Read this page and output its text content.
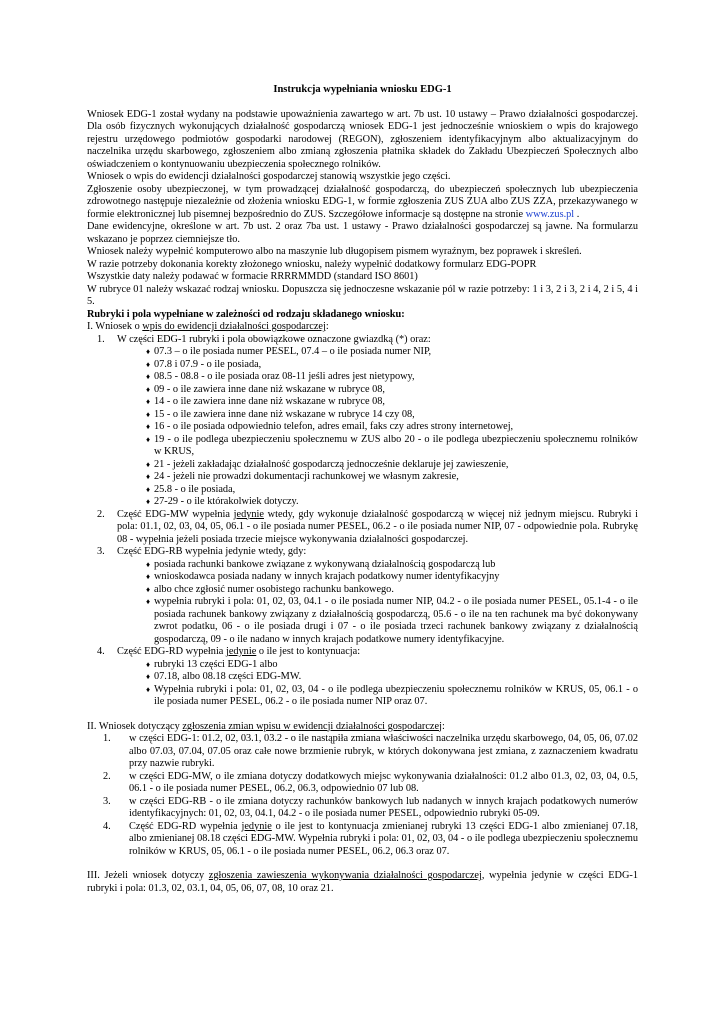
Instrukcja wypełniania wniosku EDG-1

Wniosek EDG-1 został wydany na podstawie upoważnienia zawartego w art. 7b ust. 10 ustawy – Prawo działalności gospodarczej. Dla osób fizycznych wykonujących działalność gospodarczą wniosek EDG-1 jest jednocześnie wnioskiem o wpis do krajowego rejestru urzędowego podmiotów gospodarki narodowej (REGON), zgłoszeniem identyfikacyjnym albo aktualizacyjnym do naczelnika urzędu skarbowego, zgłoszeniem albo zmianą zgłoszenia płatnika składek do Zakładu Ubezpieczeń Społecznych albo oświadczeniem o kontynuowaniu ubezpieczenia społecznego rolników.

Wniosek o wpis do ewidencji działalności gospodarczej stanowią wszystkie jego części.

Zgłoszenie osoby ubezpieczonej, w tym prowadzącej działalność gospodarczą, do ubezpieczeń społecznych lub ubezpieczenia zdrowotnego następuje niezależnie od złożenia wniosku EDG-1, w formie zgłoszenia ZUS ZUA albo ZUS ZZA, przekazywanego w formie elektronicznej lub pisemnej bezpośrednio do ZUS. Szczegółowe informacje są dostępne na stronie www.zus.pl .

Dane ewidencyjne, określone w art. 7b ust. 2 oraz 7ba ust. 1 ustawy - Prawo działalności gospodarczej są jawne. Na formularzu wskazano je poprzez ciemniejsze tło.

Wniosek należy wypełnić komputerowo albo na maszynie lub długopisem pismem wyraźnym, bez poprawek i skreśleń.

W razie potrzeby dokonania korekty złożonego wniosku, należy wypełnić dodatkowy formularz EDG-POPR

Wszystkie daty należy podawać w formacie RRRRMMDD (standard ISO 8601)

W rubryce 01 należy wskazać rodzaj wniosku. Dopuszcza się jednoczesne wskazanie pól w razie potrzeby: 1 i 3, 2 i 3, 2 i 4, 2 i 5, 4 i 5.

Rubryki i pola wypełniane w zależności od rodzaju składanego wniosku:

I. Wniosek o wpis do ewidencji działalności gospodarczej:

1. W części EDG-1 rubryki i pola obowiązkowe oznaczone gwiazdką (*) oraz:
♦ 07.3 – o ile posiada numer PESEL, 07.4 – o ile posiada numer NIP,
♦ 07.8 i 07.9 - o ile posiada,
♦ 08.5 - 08.8 - o ile posiada oraz 08-11 jeśli adres jest nietypowy,
♦ 09 - o ile zawiera inne dane niż wskazane w rubryce 08,
♦ 14 - o ile zawiera inne dane niż wskazane w rubryce 08,
♦ 15 - o ile zawiera inne dane niż wskazane w rubryce 14 czy 08,
♦ 16 - o ile posiada odpowiednio telefon, adres email, faks czy adres strony internetowej,
♦ 19 - o ile podlega ubezpieczeniu społecznemu w ZUS albo 20 - o ile podlega ubezpieczeniu społecznemu rolników w KRUS,
♦ 21 - jeżeli zakładając działalność gospodarczą jednocześnie deklaruje jej zawieszenie,
♦ 24 - jeżeli nie prowadzi dokumentacji rachunkowej we własnym zakresie,
♦ 25.8 - o ile posiada,
♦ 27-29 - o ile którakolwiek dotyczy.
2. Część EDG-MW wypełnia jedynie wtedy, gdy wykonuje działalność gospodarczą w więcej niż jednym miejscu. Rubryki i pola: 01.1, 02, 03, 04, 05, 06.1 - o ile posiada numer PESEL, 06.2 - o ile posiada numer NIP, 07 - odpowiednie pola. Rubrykę 08 - wypełnia jeżeli posiada trzecie miejsce wykonywania działalności gospodarczej.
3. Część EDG-RB wypełnia jedynie wtedy, gdy:
♦ posiada rachunki bankowe związane z wykonywaną działalnością gospodarczą lub
♦ wnioskodawca posiada nadany w innych krajach podatkowy numer identyfikacyjny
♦ albo chce zgłosić numer osobistego rachunku bankowego.
♦ wypełnia rubryki i pola: 01, 02, 03, 04.1 - o ile posiada numer NIP, 04.2 - o ile posiada numer PESEL, 05.1-4 - o ile posiada rachunek bankowy związany z działalnością gospodarczą, 05.6 - o ile na ten rachunek ma być dokonywany zwrot podatku, 06 - o ile posiada drugi i 07 - o ile posiada trzeci rachunek bankowy związany z działalnością gospodarczą, 09 - o ile nadano w innych krajach podatkowe numery identyfikacyjne.
4. Część EDG-RD wypełnia jedynie o ile jest to kontynuacja:
♦ rubryki 13 części EDG-1 albo
♦ 07.18, albo 08.18 części EDG-MW.
♦ Wypełnia rubryki i pola: 01, 02, 03, 04 - o ile podlega ubezpieczeniu społecznemu rolników w KRUS, 05, 06.1 - o ile posiada numer PESEL, 06.2 - o ile posiada numer NIP oraz 07.

II. Wniosek dotyczący zgłoszenia zmian wpisu w ewidencji działalności gospodarczej:

1. w części EDG-1: 01.2, 02, 03.1, 03.2 - o ile nastąpiła zmiana właściwości naczelnika urzędu skarbowego, 04, 05, 06, 07.02 albo 07.03, 07.04, 07.05 oraz całe nowe brzmienie rubryk, w których dokonywana jest zmiana, z zaznaczeniem kwadratu przy nazwie rubryki.
2. w części EDG-MW, o ile zmiana dotyczy dodatkowych miejsc wykonywania działalności: 01.2 albo 01.3, 02, 03, 04, 0.5, 06.1 - o ile posiada numer PESEL, 06.2, 06.3, odpowiednio 07 lub 08.
3. w części EDG-RB - o ile zmiana dotyczy rachunków bankowych lub nadanych w innych krajach podatkowych numerów identyfikacyjnych: 01, 02, 03, 04.1, 04.2 - o ile posiada numer PESEL, odpowiednio rubryki 05-09.
4. Część EDG-RD wypełnia jedynie o ile jest to kontynuacja zmienianej rubryki 13 części EDG-1 albo zmienianej 07.18, albo zmienianej 08.18 części EDG-MW. Wypełnia rubryki i pola: 01, 02, 03, 04 - o ile podlega ubezpieczeniu społecznemu rolników w KRUS, 05, 06.1 - o ile posiada numer PESEL, 06.2, 06.3 oraz 07.

III. Jeżeli wniosek dotyczy zgłoszenia zawieszenia wykonywania działalności gospodarczej, wypełnia jedynie w części EDG-1 rubryki i pola: 01.3, 02, 03.1, 04, 05, 06, 07, 08, 10 oraz 21.
